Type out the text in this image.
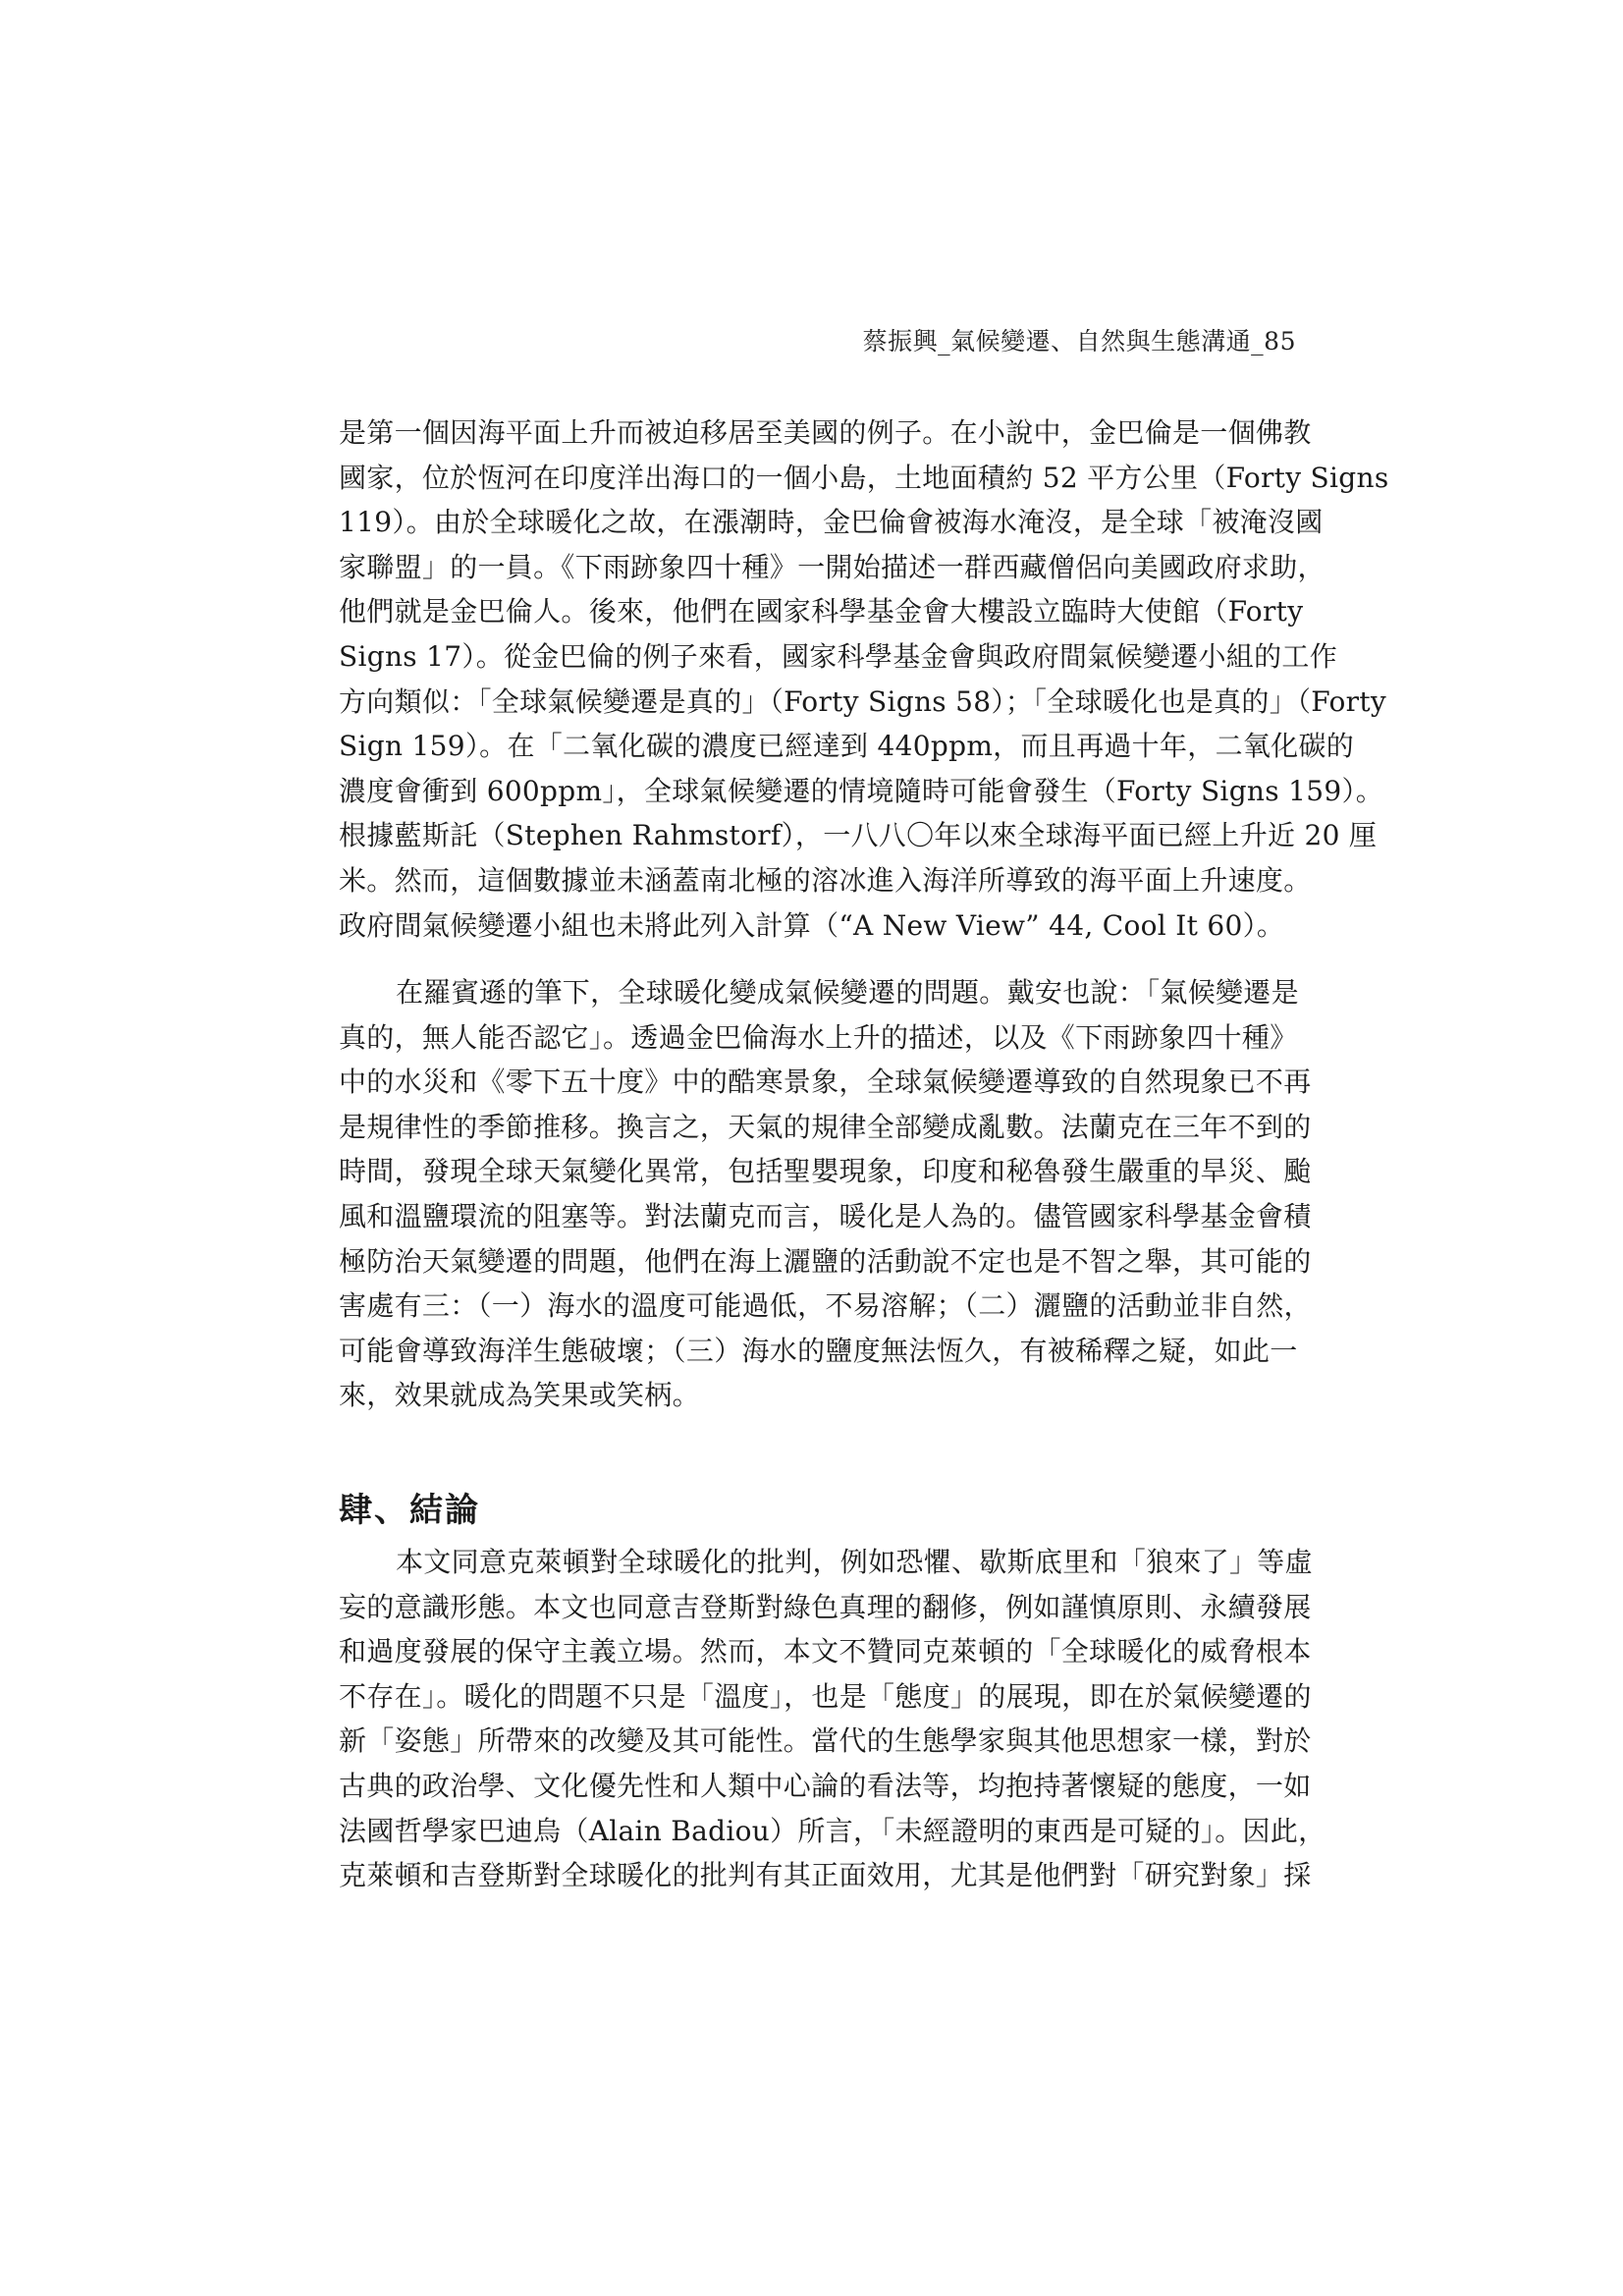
蔡振興_氣候變遷、自然與生態溝通_85
是第一個因海平面上升而被迫移居至美國的例子。在小說中，金巴倫是一個佛教
國家，位於恆河在印度洋出海口的一個小島，土地面積約 52 平方公里（Forty Signs
119）。由於全球暖化之故，在漲潮時，金巴倫會被海水淹沒，是全球「被淹沒國
家聯盟」的一員。《下雨跡象四十種》一開始描述一群西藏僧侶向美國政府求助，
他們就是金巴倫人。後來，他們在國家科學基金會大樓設立臨時大使館（Forty
Signs 17）。從金巴倫的例子來看，國家科學基金會與政府間氣候變遷小組的工作
方向類似：「全球氣候變遷是真的」（Forty Signs 58）；「全球暖化也是真的」（Forty
Sign 159）。在「二氧化碳的濃度已經達到 440ppm，而且再過十年，二氧化碳的
濃度會衝到 600ppm」，全球氣候變遷的情境隨時可能會發生（Forty Signs 159）。
根據藍斯託（Stephen Rahmstorf），一八八〇年以來全球海平面已經上升近 20 厘
米。然而，這個數據並未涵蓋南北極的溶冰進入海洋所導致的海平面上升速度。
政府間氣候變遷小組也未將此列入計算（“A New View” 44, Cool It 60）。
在羅賓遜的筆下，全球暖化變成氣候變遷的問題。戴安也說：「氣候變遷是
真的，無人能否認它」。透過金巴倫海水上升的描述，以及《下雨跡象四十種》
中的水災和《零下五十度》中的酷寒景象，全球氣候變遷導致的自然現象已不再
是規律性的季節推移。換言之，天氣的規律全部變成亂數。法蘭克在三年不到的
時間，發現全球天氣變化異常，包括聖嬰現象，印度和秘魯發生嚴重的旱災、颱
風和溫鹽環流的阻塞等。對法蘭克而言，暖化是人為的。儘管國家科學基金會積
極防治天氣變遷的問題，他們在海上灑鹽的活動說不定也是不智之舉，其可能的
害處有三：（一）海水的溫度可能過低，不易溶解；（二）灑鹽的活動並非自然，
可能會導致海洋生態破壞；（三）海水的鹽度無法恆久，有被稀釋之疑，如此一
來，效果就成為笑果或笑柄。
肆、結論
本文同意克萊頓對全球暖化的批判，例如恐懼、歇斯底里和「狼來了」等虛
妄的意識形態。本文也同意吉登斯對綠色真理的翻修，例如謹慎原則、永續發展
和過度發展的保守主義立場。然而，本文不贊同克萊頓的「全球暖化的威脅根本
不存在」。暖化的問題不只是「溫度」，也是「態度」的展現，即在於氣候變遷的
新「姿態」所帶來的改變及其可能性。當代的生態學家與其他思想家一樣，對於
古典的政治學、文化優先性和人類中心論的看法等，均抱持著懷疑的態度，一如
法國哲學家巴迪烏（Alain Badiou）所言，「未經證明的東西是可疑的」。因此，
克萊頓和吉登斯對全球暖化的批判有其正面效用，尤其是他們對「研究對象」採
